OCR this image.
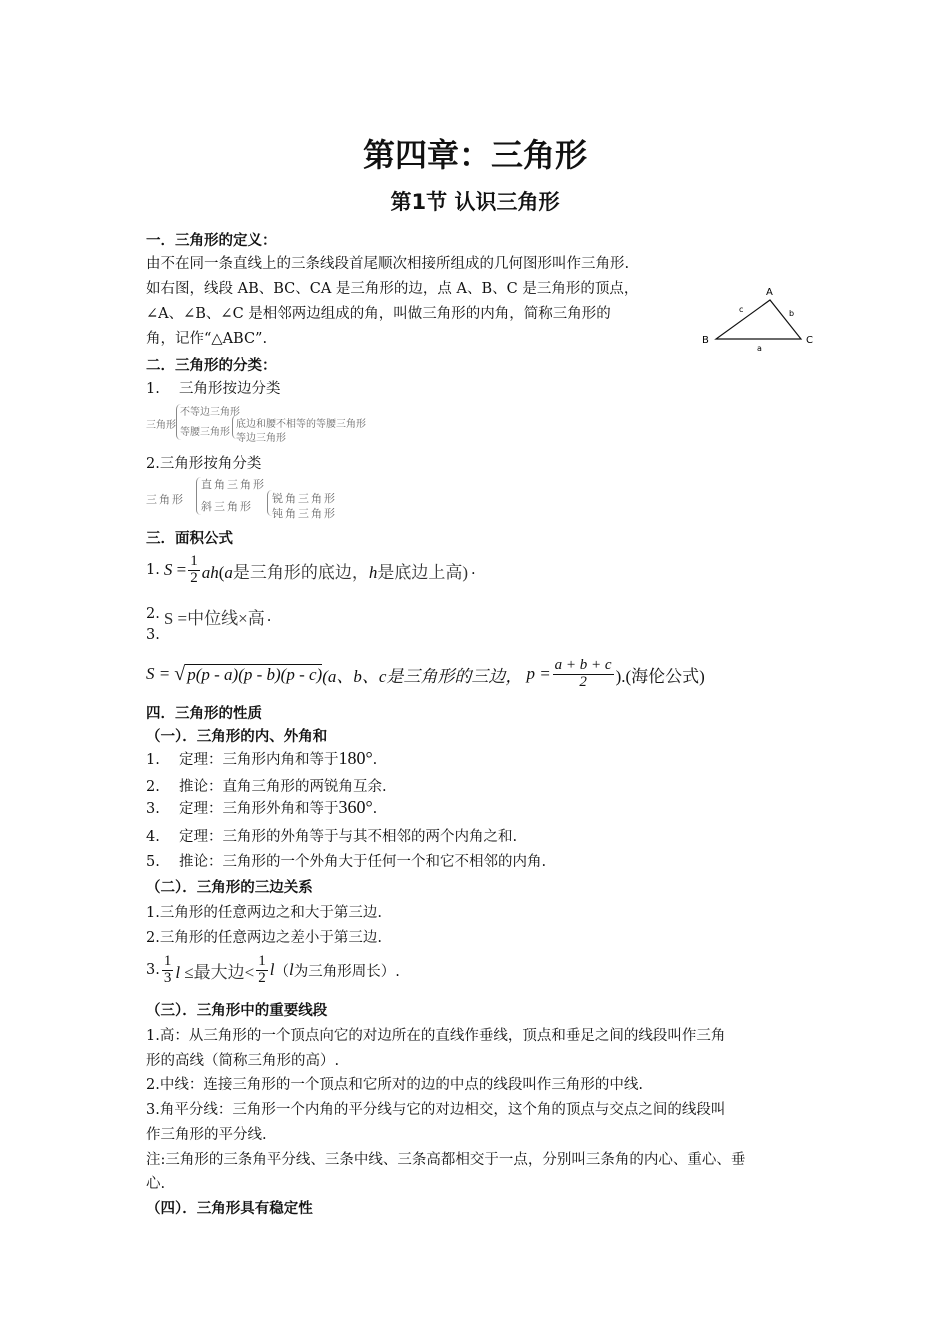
第四章：三角形
第1节 认识三角形
一．三角形的定义：
由不在同一条直线上的三条线段首尾顺次相接所组成的几何图形叫作三角形.
如右图，线段 AB、BC、CA 是三角形的边，点 A、B、C 是三角形的顶点，
∠A、∠B、∠C 是相邻两边组成的角，叫做三角形的内角，简称三角形的
角，记作“△ABC”.
A
B	C
a
b
c
二．三角形的分类：
1.　 三角形按边分类
三角形
不等边三角形
等腰三角形
底边和腰不相等的等腰三角形
等边三角形
2.三角形按角分类
三角形
直角三角形
斜三角形
锐角三角形
钝角三角形
三．面积公式
1. $S = \frac{1}{2} ah(a$是三角形的底边，h是底边上高) .
2. S =中位线×高 .
3.
S = √ p(p - a)(p - b)(p - c) (a、b、c是三角形的三边， $p = \frac{a + b + c}{2}$ ).(海伦公式)
四．三角形的性质
（一）．三角形的内、外角和
1.　 定理：三角形内角和等于180°.
2.　 推论：直角三角形的两锐角互余.
3.　 定理：三角形外角和等于360°.
4.　 定理：三角形的外角等于与其不相邻的两个内角之和.
5.　 推论：三角形的一个外角大于任何一个和它不相邻的内角.
（二）．三角形的三边关系
1.三角形的任意两边之和大于第三边.
2.三角形的任意两边之差小于第三边.
3. $\frac{1}{3}$ l ≤最大边< $\frac{1}{2}$ l （ l 为三角形周长）.
（三）．三角形中的重要线段
1.高：从三角形的一个顶点向它的对边所在的直线作垂线，顶点和垂足之间的线段叫作三角
形的高线（简称三角形的高）.
2.中线：连接三角形的一个顶点和它所对的边的中点的线段叫作三角形的中线.
3.角平分线：三角形一个内角的平分线与它的对边相交，这个角的顶点与交点之间的线段叫
作三角形的平分线.
注:三角形的三条角平分线、三条中线、三条高都相交于一点，分别叫三条角的内心、重心、垂
心.
（四）．三角形具有稳定性
